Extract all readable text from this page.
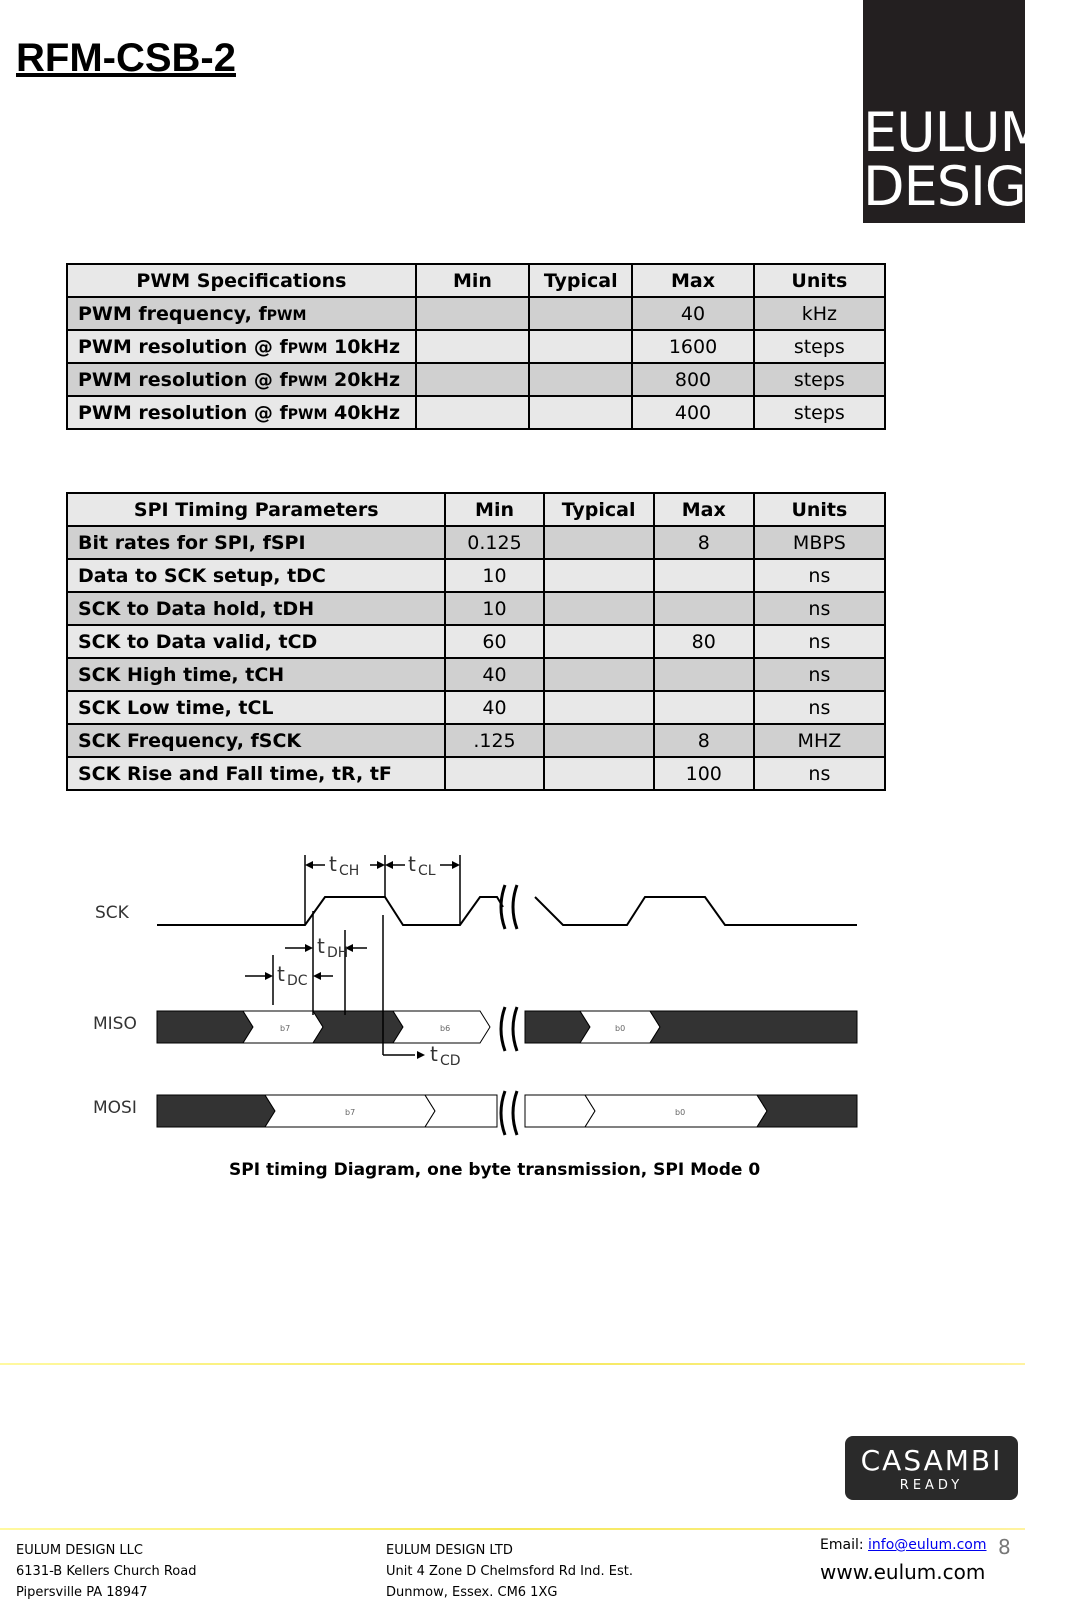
RFM-CSB-2
EULUM
DESIGN
PWM Specifications	Min	Typical	Max	Units
PWM frequency, fPWM			40	kHz
PWM resolution @ fPWM 10kHz			1600	steps
PWM resolution @ fPWM 20kHz			800	steps
PWM resolution @ fPWM 40kHz			400	steps
SPI Timing Parameters	Min	Typical	Max	Units
Bit rates for SPI, fSPI	0.125		8	MBPS
Data to SCK setup, tDC	10			ns
SCK to Data hold, tDH	10			ns
SCK to Data valid, tCD	60		80	ns
SCK High time, tCH	40			ns
SCK Low time, tCL	40			ns
SCK Frequency, fSCK	.125		8	MHZ
SCK Rise and Fall time, tR, tF			100	ns
SCK
MISO
MOSI
b7	b6	b0
b7	b0
t CH t CL
t DH
t DC
t CD

SPI timing Diagram, one byte transmission, SPI Mode 0

CASAMBI
READY
EULUM DESIGN LLC
6131-B Kellers Church Road
Pipersville PA 18947
EULUM DESIGN LTD
Unit 4 Zone D Chelmsford Rd Ind. Est.
Dunmow, Essex. CM6 1XG
Email: info@eulum.com 8
www.eulum.com
